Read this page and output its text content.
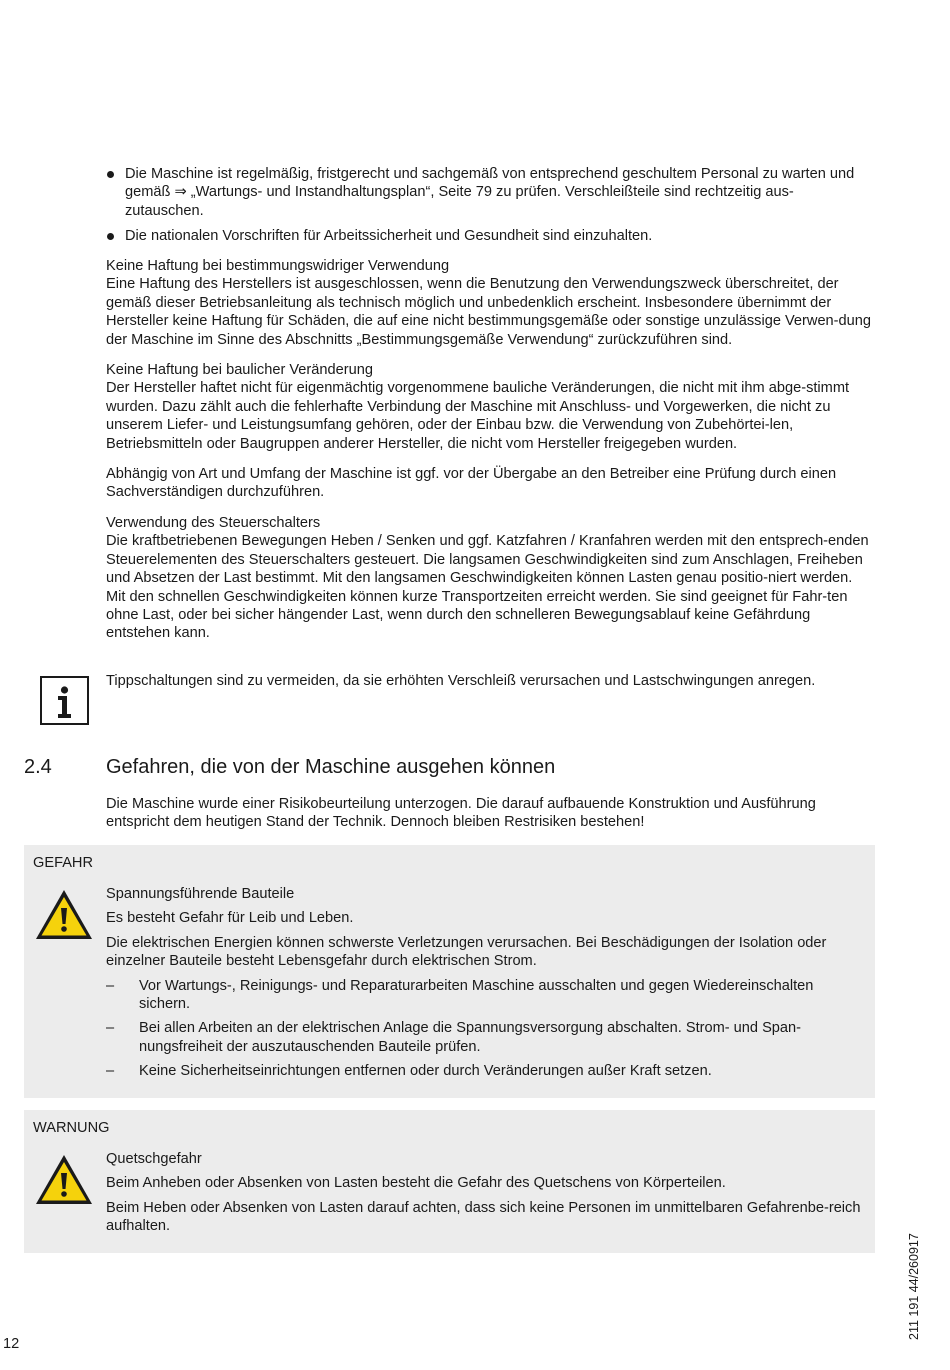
Die Maschine ist regelmäßig, fristgerecht und sachgemäß von entsprechend geschultem Personal zu warten und gemäß ⇒ „Wartungs- und Instandhaltungsplan“, Seite 79 zu prüfen. Verschleißteile sind rechtzeitig aus-zutauschen.

Die nationalen Vorschriften für Arbeitssicherheit und Gesundheit sind einzuhalten.

Keine Haftung bei bestimmungswidriger Verwendung

Eine Haftung des Herstellers ist ausgeschlossen, wenn die Benutzung den Verwendungszweck überschreitet, der gemäß dieser Betriebsanleitung als technisch möglich und unbedenklich erscheint. Insbesondere übernimmt der Hersteller keine Haftung für Schäden, die auf eine nicht bestimmungsgemäße oder sonstige unzulässige Verwen-dung der Maschine im Sinne des Abschnitts „Bestimmungsgemäße Verwendung“ zurückzuführen sind.

Keine Haftung bei baulicher Veränderung

Der Hersteller haftet nicht für eigenmächtig vorgenommene bauliche Veränderungen, die nicht mit ihm abge-stimmt wurden. Dazu zählt auch die fehlerhafte Verbindung der Maschine mit Anschluss- und Vorgewerken, die nicht zu unserem Liefer- und Leistungsumfang gehören, oder der Einbau bzw. die Verwendung von Zubehörtei-len, Betriebsmitteln oder Baugruppen anderer Hersteller, die nicht vom Hersteller freigegeben wurden.

Abhängig von Art und Umfang der Maschine ist ggf. vor der Übergabe an den Betreiber eine Prüfung durch einen Sachverständigen durchzuführen.

Verwendung des Steuerschalters

Die kraftbetriebenen Bewegungen Heben / Senken und ggf. Katzfahren / Kranfahren werden mit den entsprech-enden Steuerelementen des Steuerschalters gesteuert. Die langsamen Geschwindigkeiten sind zum Anschlagen, Freiheben und Absetzen der Last bestimmt. Mit den langsamen Geschwindigkeiten können Lasten genau positio-niert werden.

Mit den schnellen Geschwindigkeiten können kurze Transportzeiten erreicht werden. Sie sind geeignet für Fahr-ten ohne Last, oder bei sicher hängender Last, wenn durch den schnelleren Bewegungsablauf keine Gefährdung entstehen kann.

Tippschaltungen sind zu vermeiden, da sie erhöhten Verschleiß verursachen und Lastschwingungen anregen.

2.4	Gefahren, die von der Maschine ausgehen können

Die Maschine wurde einer Risikobeurteilung unterzogen. Die darauf aufbauende Konstruktion und Ausführung entspricht dem heutigen Stand der Technik. Dennoch bleiben Restrisiken bestehen!

GEFAHR

Spannungsführende Bauteile

Es besteht Gefahr für Leib und Leben.

Die elektrischen Energien können schwerste Verletzungen verursachen. Bei Beschädigungen der Isolation oder einzelner Bauteile besteht Lebensgefahr durch elektrischen Strom.

– Vor Wartungs-, Reinigungs- und Reparaturarbeiten Maschine ausschalten und gegen Wiedereinschalten sichern.

– Bei allen Arbeiten an der elektrischen Anlage die Spannungsversorgung abschalten. Strom- und Span-nungsfreiheit der auszutauschenden Bauteile prüfen.

– Keine Sicherheitseinrichtungen entfernen oder durch Veränderungen außer Kraft setzen.

WARNUNG

Quetschgefahr

Beim Anheben oder Absenken von Lasten besteht die Gefahr des Quetschens von Körperteilen.

Beim Heben oder Absenken von Lasten darauf achten, dass sich keine Personen im unmittelbaren Gefahrenbe-reich aufhalten.

12
211 191 44/260917
